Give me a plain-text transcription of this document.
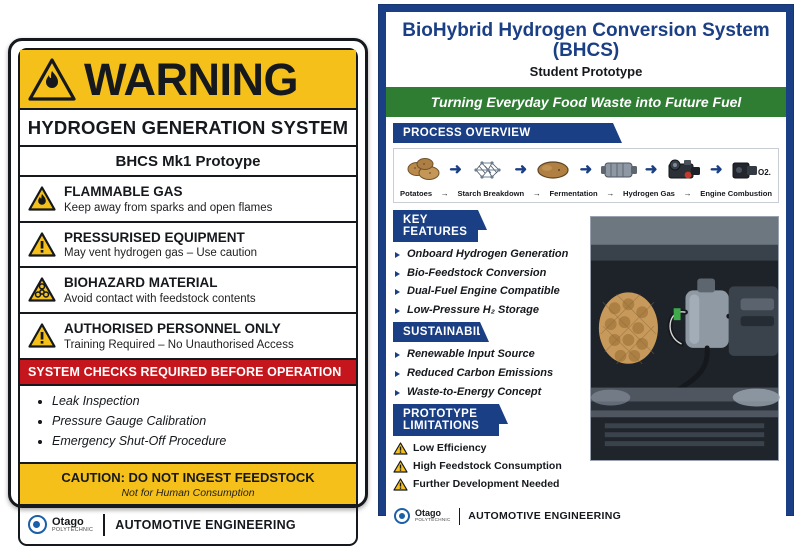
WARNING
HYDROGEN GENERATION SYSTEM
BHCS Mk1 Protoype
FLAMMABLE GAS
Keep away from sparks and open flames
PRESSURISED EQUIPMENT
May vent hydrogen gas – Use caution
BIOHAZARD MATERIAL
Avoid contact with feedstock contents
AUTHORISED PERSONNEL ONLY
Training Required – No Unauthorised Access
SYSTEM CHECKS REQUIRED BEFORE OPERATION
• Leak Inspection
• Pressure Gauge Calibration
• Emergency Shut-Off Procedure
CAUTION: DO NOT INGEST FEEDSTOCK
Not for Human Consumption
Otago
POLYTECHNIC AUTOMOTIVE ENGINEERING
BioHybrid Hydrogen Conversion System (BHCS)
Student Prototype
Turning Everyday Food Waste into Future Fuel
PROCESS OVERVIEW
➜	➜	➜	➜	➜	O2.
Potatoes → Starch Breakdown → Fermentation → Hydrogen Gas → Engine Combustion
KEY FEATURES
Onboard Hydrogen Generation
Bio-Feedstock Conversion
Dual-Fuel Engine Compatible
Low-Pressure H₂ Storage
SUSTAINABILITY
Renewable Input Source
Reduced Carbon Emissions
Waste-to-Energy Concept
PROTOTYPE LIMITATIONS
Low Efficiency
High Feedstock Consumption
Further Development Needed
Otago
POLYTECHNIC AUTOMOTIVE ENGINEERING
